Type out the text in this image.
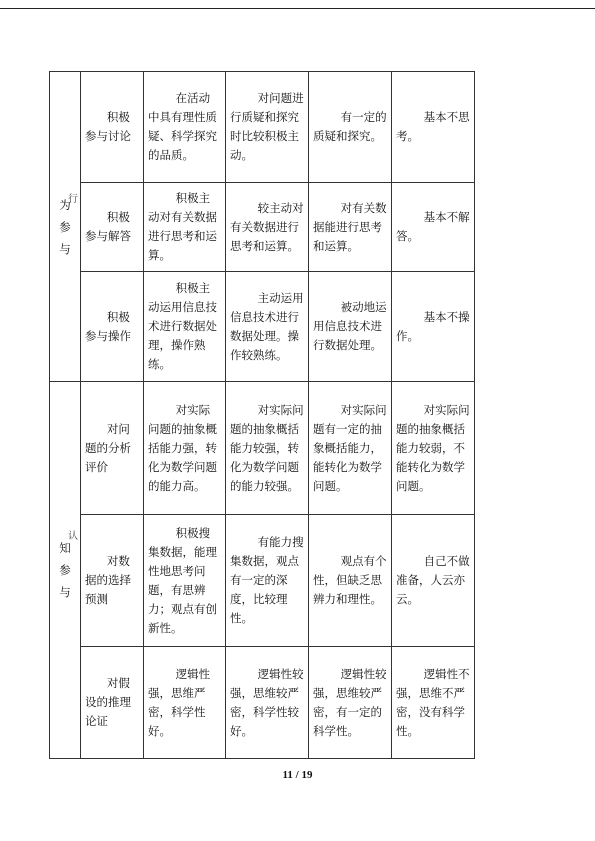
行
为
参
与	积极参与讨论	在活动中具有理性质疑、科学探究的品质。	对问题进行质疑和探究时比较积极主动。	有一定的质疑和探究。	基本不思考。
	积极参与解答	积极主动对有关数据进行思考和运算。	较主动对有关数据进行思考和运算。	对有关数据能进行思考和运算。	基本不解答。
	积极参与操作	积极主动运用信息技术进行数据处理，操作熟练。	主动运用信息技术进行数据处理。操作较熟练。	被动地运用信息技术进行数据处理。	基本不操作。

认
知
参
与	对问题的分析评价	对实际问题的抽象概括能力强，转化为数学问题的能力高。	对实际问题的抽象概括能力较强，转化为数学问题的能力较强。	对实际问题有一定的抽象概括能力，能转化为数学问题。	对实际问题的抽象概括能力较弱，不能转化为数学问题。
	对数据的选择预测	积极搜集数据，能理性地思考问题，有思辨力；观点有创新性。	有能力搜集数据，观点有一定的深度，比较理性。	观点有个性，但缺乏思辨力和理性。	自己不做准备，人云亦云。
	对假设的推理论证	逻辑性强，思维严密，科学性好。	逻辑性较强，思维较严密，科学性较好。	逻辑性较强，思维较严密，有一定的科学性。	逻辑性不强，思维不严密，没有科学性。
11 / 19
